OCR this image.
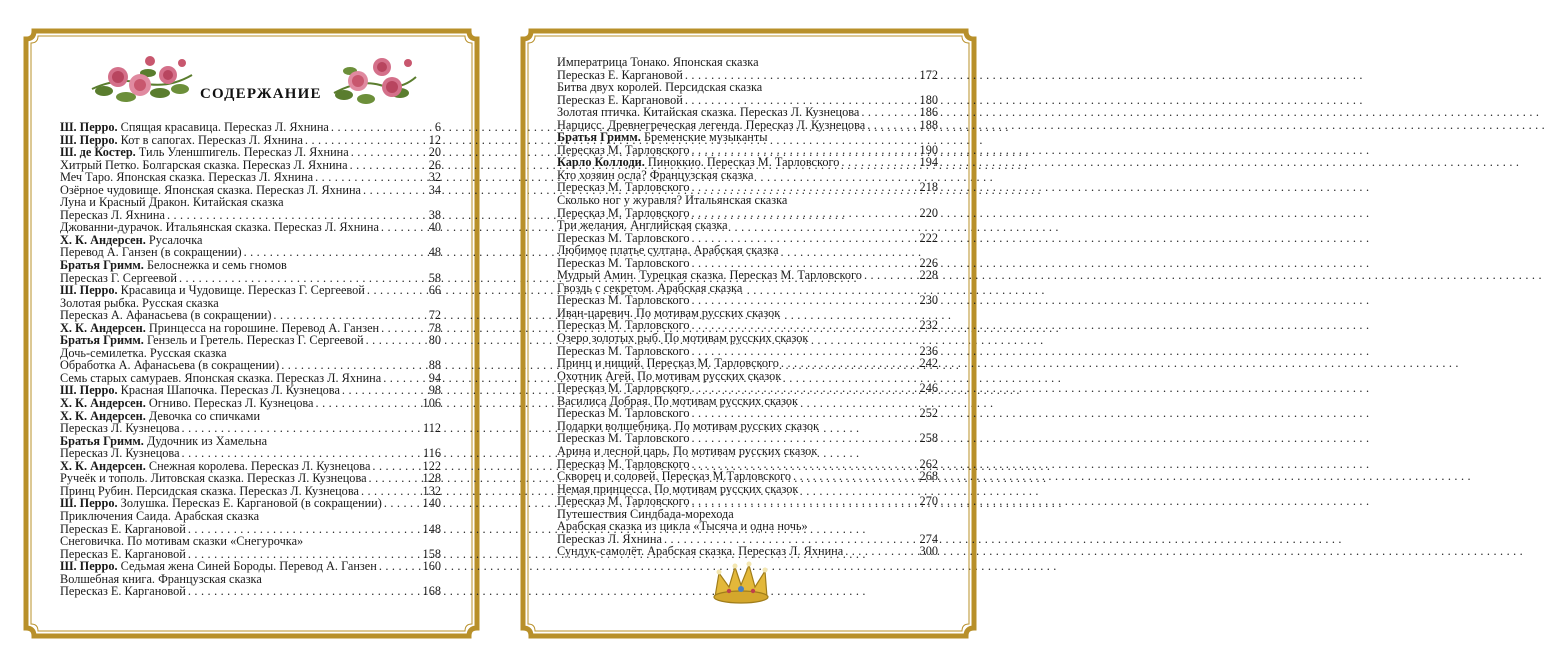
СОДЕРЖАНИЕ
Ш. Перро. Спящая красавица. Пересказ Л. Яхнина . . .	6
Ш. Перро. Кот в сапогах. Пересказ Л. Яхнина . . .	12
Ш. де Костер. Тиль Уленшпигель. Пересказ Л. Яхнина . . .	20
Хитрый Петко. Болгарская сказка. Пересказ Л. Яхнина . . .	26
Меч Таро. Японская сказка. Пересказ Л. Яхнина . . .	32
Озёрное чудовище. Японская сказка. Пересказ Л. Яхнина . . .	34
Луна и Красный Дракон. Китайская сказка
Пересказ Л. Яхнина . . .	38
Джованни-дурачок. Итальянская сказка. Пересказ Л. Яхнина . . .	40
Х. К. Андерсен. Русалочка
Перевод А. Ганзен (в сокращении) . . .	48
Братья Гримм. Белоснежка и семь гномов
Пересказ Г. Сергеевой . . .	58
Ш. Перро. Красавица и Чудовище. Пересказ Г. Сергеевой . . .	66
Золотая рыбка. Русская сказка
Пересказ А. Афанасьева (в сокращении) . . .	72
Х. К. Андерсен. Принцесса на горошине. Перевод А. Ганзен . . .	78
Братья Гримм. Гензель и Гретель. Пересказ Г. Сергеевой . . .	80
Дочь-семилетка. Русская сказка
Обработка А. Афанасьева (в сокращении) . . .	88
Семь старых самураев. Японская сказка. Пересказ Л. Яхнина . . .	94
Ш. Перро. Красная Шапочка. Пересказ Л. Кузнецова . . .	98
Х. К. Андерсен. Огниво. Пересказ Л. Кузнецова . . .	106
Х. К. Андерсен. Девочка со спичками
Пересказ Л. Кузнецова . . .	112
Братья Гримм. Дудочник из Хамельна
Пересказ Л. Кузнецова . . .	116
Х. К. Андерсен. Снежная королева. Пересказ Л. Кузнецова . . .	122
Ручеёк и тополь. Литовская сказка. Пересказ Л. Кузнецова . . .	128
Принц Рубин. Персидская сказка. Пересказ Л. Кузнецова . . .	132
Ш. Перро. Золушка. Пересказ Е. Каргановой (в сокращении) . . .	140
Приключения Саида. Арабская сказка
Пересказ Е. Каргановой . . .	148
Снеговичка. По мотивам сказки «Снегурочка»
Пересказ Е. Каргановой . . .	158
Ш. Перро. Седьмая жена Синей Бороды. Перевод А. Ганзен . . .	160
Волшебная книга. Французская сказка
Пересказ Е. Каргановой . . .	168
Императрица Тонако. Японская сказка
Пересказ Е. Каргановой . . .	172
Битва двух королей. Персидская сказка
Пересказ Е. Каргановой . . .	180
Золотая птичка. Китайская сказка. Пересказ Л. Кузнецова . . .	186
Нарцисс. Древнегреческая легенда. Пересказ Л. Кузнецова . . .	188
Братья Гримм. Бременские музыканты
Пересказ М. Тарловского . . .	190
Карло Коллоди. Пиноккио. Пересказ М. Тарловского . . .	194
Кто хозяин осла? Французская сказка
Пересказ М. Тарловского . . .	218
Сколько ног у журавля? Итальянская сказка
Пересказ М. Тарловского . . .	220
Три желания. Английская сказка
Пересказ М. Тарловского . . .	222
Любимое платье султана. Арабская сказка
Пересказ М. Тарловского . . .	226
Мудрый Амин. Турецкая сказка. Пересказ М. Тарловского . . .	228
Гвоздь с секретом. Арабская сказка
Пересказ М. Тарловского . . .	230
Иван-царевич. По мотивам русских сказок
Пересказ М. Тарловского . . .	232
Озеро золотых рыб. По мотивам русских сказок
Пересказ М. Тарловского . . .	236
Принц и нищий. Пересказ М. Тарловского . . .	242
Охотник Агей. По мотивам русских сказок
Пересказ М. Тарловского . . .	246
Василиса Добрая. По мотивам русских сказок
Пересказ М. Тарловского . . .	252
Подарки волшебника. По мотивам русских сказок
Пересказ М. Тарловского . . .	258
Арина и лесной царь. По мотивам русских сказок
Пересказ М. Тарловского . . .	262
Скворец и соловей. Пересказ М.Тарловского . . .	268
Немая принцесса. По мотивам русских сказок
Пересказ М. Тарловского . . .	270
Путешествия Синдбада-морехода
Арабская сказка из цикла «Тысяча и одна ночь»
Пересказ Л. Яхнина . . .	274
Сундук-самолёт. Арабская сказка. Пересказ Л. Яхнина . . .	300
